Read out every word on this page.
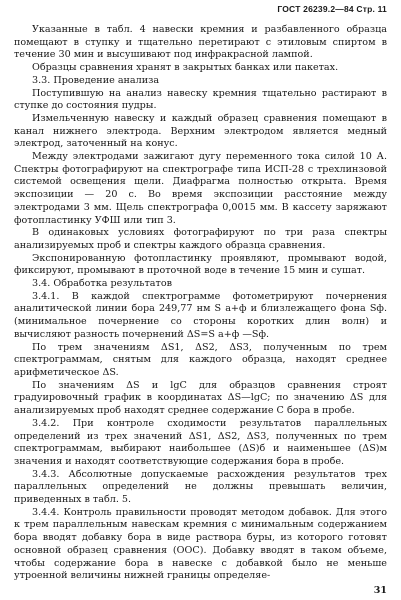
ГОСТ 26239.2—84 Стр. 11

Указанные в табл. 4 навески кремния и разбавленного образца помещают в ступку и тщательно перетирают с этиловым спиртом в течение 30 мин и высушивают под инфракрасной лампой.

Образцы сравнения хранят в закрытых банках или пакетах.

3.3. Проведение анализа

Поступившую на анализ навеску кремния тщательно растирают в ступке до состояния пудры.

Измельченную навеску и каждый образец сравнения помещают в канал нижнего электрода. Верхним электродом является медный электрод, заточенный на конус.

Между электродами зажигают дугу переменного тока силой 10 А. Спектры фотографируют на спектрографе типа ИСП-28 с трехлинзовой системой освещения щели. Диафрагма полностью открыта. Время экспозиции — 20 с. Во время экспозиции расстояние между электродами 3 мм. Щель спектрографа 0,0015 мм. В кассету заряжают фотопластинку УФШ или тип 3.

В одинаковых условиях фотографируют по три раза спектры анализируемых проб и спектры каждого образца сравнения.

Экспонированную фотопластинку проявляют, промывают водой, фиксируют, промывают в проточной воде в течение 15 мин и сушат.

3.4. Обработка результатов

3.4.1. В каждой спектрограмме фотометрируют почернения аналитической линии бора 249,77 нм S a+ф и близлежащего фона Sф. (минимальное почернение со стороны коротких длин волн) и вычисляют разность почернений ΔS=S a+ф —Sф.

По трем значениям ΔS1, ΔS2, ΔS3, полученным по трем спектрограммам, снятым для каждого образца, находят среднее арифметическое ΔS.

По значениям ΔS и lgC для образцов сравнения строят градуировочный график в координатах ΔS—lgC; по значению ΔS для анализируемых проб находят среднее содержание С бора в пробе.

3.4.2. При контроле сходимости результатов параллельных определений из трех значений ΔS1, ΔS2, ΔS3, полученных по трем спектрограммам, выбирают наибольшее (ΔS)б и наименьшее (ΔS)м значения и находят соответствующие содержания бора в пробе.

3.4.3. Абсолютные допускаемые расхождения результатов трех параллельных определений не должны превышать величин, приведенных в табл. 5.

3.4.4. Контроль правильности проводят методом добавок. Для этого к трем параллельным навескам кремния с минимальным содержанием бора вводят добавку бора в виде раствора буры, из которого готовят основной образец сравнения (ООС). Добавку вводят в таком объеме, чтобы содержание бора в навеске с добавкой было не меньше утроенной величины нижней границы определяе-

31
